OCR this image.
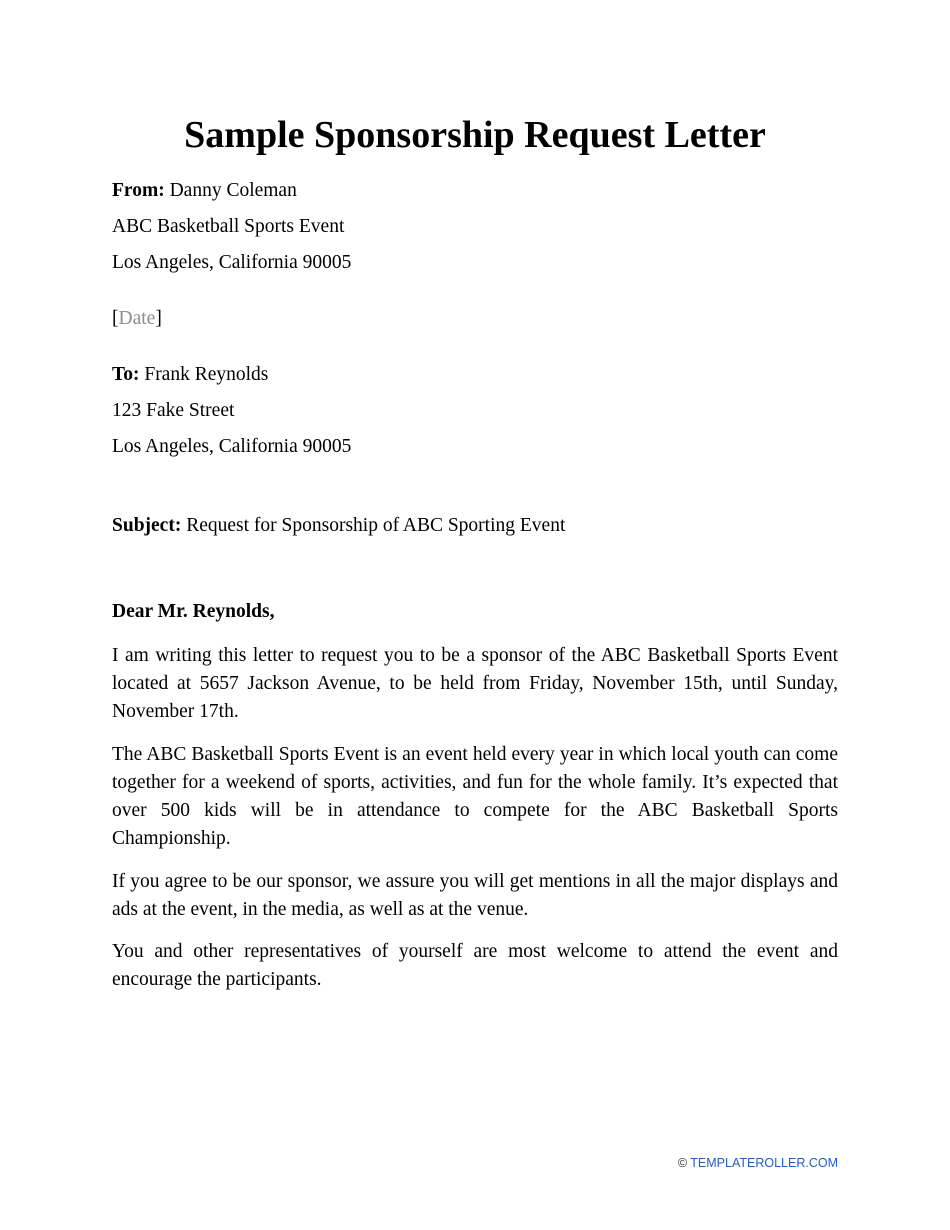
Sample Sponsorship Request Letter

From: Danny Coleman

ABC Basketball Sports Event

Los Angeles, California 90005

[Date]

To: Frank Reynolds

123 Fake Street

Los Angeles, California 90005

Subject: Request for Sponsorship of ABC Sporting Event

Dear Mr. Reynolds,

I am writing this letter to request you to be a sponsor of the ABC Basketball Sports Event located at 5657 Jackson Avenue, to be held from Friday, November 15th, until Sunday, November 17th.

The ABC Basketball Sports Event is an event held every year in which local youth can come together for a weekend of sports, activities, and fun for the whole family. It’s expected that over 500 kids will be in attendance to compete for the ABC Basketball Sports Championship.

If you agree to be our sponsor, we assure you will get mentions in all the major displays and ads at the event, in the media, as well as at the venue.

You and other representatives of yourself are most welcome to attend the event and encourage the participants.

© TEMPLATEROLLER.COM
